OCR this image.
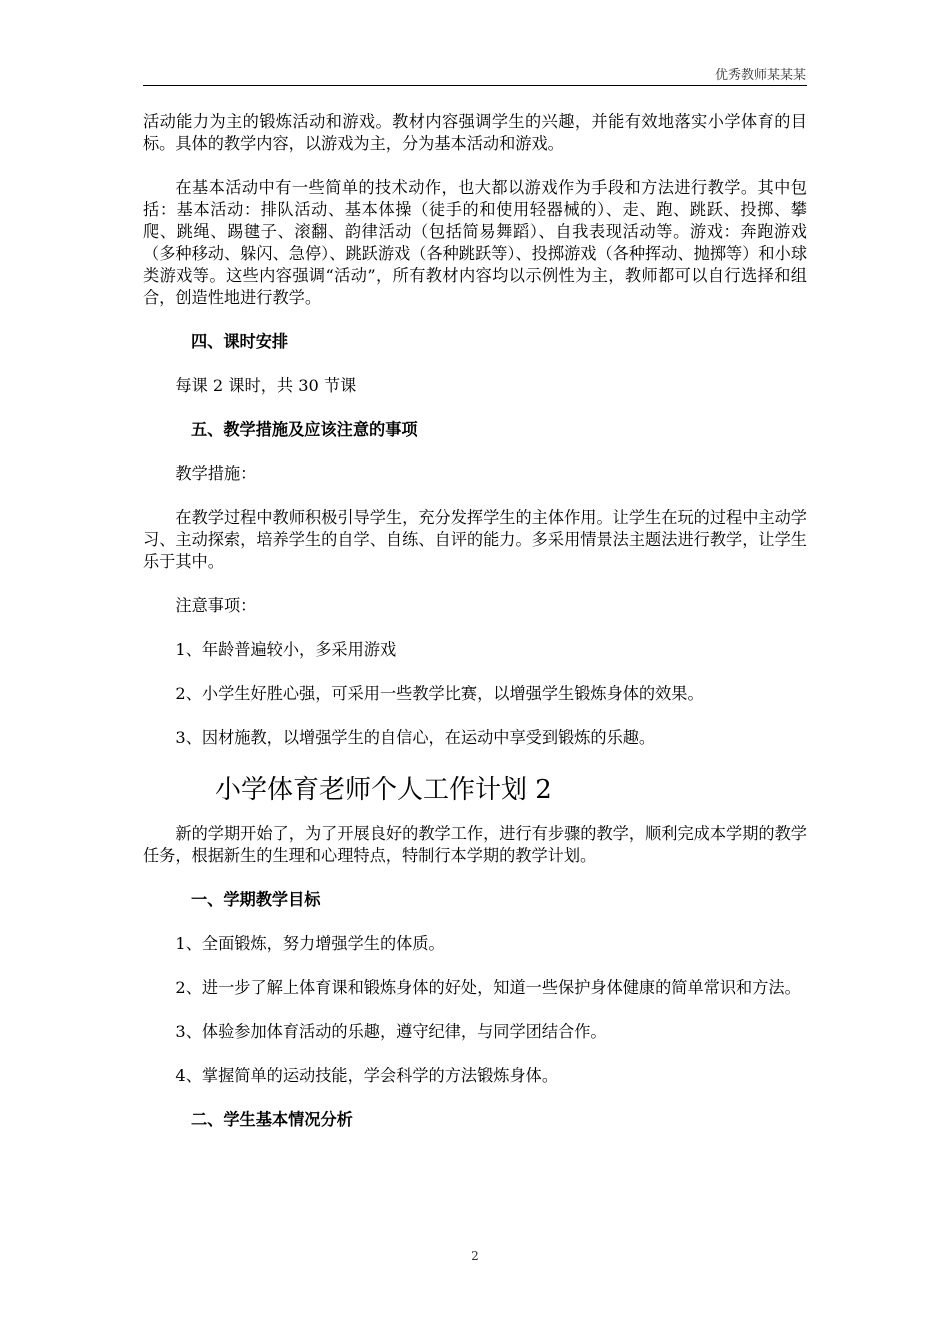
优秀教师某某某

活动能力为主的锻炼活动和游戏。教材内容强调学生的兴趣，并能有效地落实小学体育的目标。具体的教学内容，以游戏为主，分为基本活动和游戏。

在基本活动中有一些简单的技术动作，也大都以游戏作为手段和方法进行教学。其中包括：基本活动：排队活动、基本体操（徒手的和使用轻器械的）、走、跑、跳跃、投掷、攀爬、跳绳、踢毽子、滚翻、韵律活动（包括简易舞蹈）、自我表现活动等。游戏：奔跑游戏（多种移动、躲闪、急停）、跳跃游戏（各种跳跃等）、投掷游戏（各种挥动、抛掷等）和小球类游戏等。这些内容强调“活动”，所有教材内容均以示例性为主，教师都可以自行选择和组合，创造性地进行教学。

四、课时安排

每课 2 课时，共 30 节课

五、教学措施及应该注意的事项

教学措施：

在教学过程中教师积极引导学生，充分发挥学生的主体作用。让学生在玩的过程中主动学习、主动探索，培养学生的自学、自练、自评的能力。多采用情景法主题法进行教学，让学生乐于其中。

注意事项：

1、年龄普遍较小，多采用游戏

2、小学生好胜心强，可采用一些教学比赛，以增强学生锻炼身体的效果。

3、因材施教，以增强学生的自信心，在运动中享受到锻炼的乐趣。

小学体育老师个人工作计划 2

新的学期开始了，为了开展良好的教学工作，进行有步骤的教学，顺利完成本学期的教学任务，根据新生的生理和心理特点，特制行本学期的教学计划。

一、学期教学目标

1、全面锻炼，努力增强学生的体质。

2、进一步了解上体育课和锻炼身体的好处，知道一些保护身体健康的简单常识和方法。

3、体验参加体育活动的乐趣，遵守纪律，与同学团结合作。

4、掌握简单的运动技能，学会科学的方法锻炼身体。

二、学生基本情况分析

2
